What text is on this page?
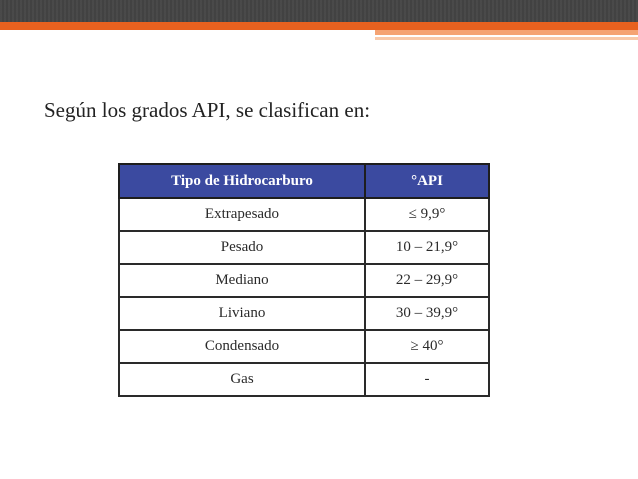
Según los grados API, se clasifican en:
Tipo de Hidrocarburo	°API
Extrapesado	≤ 9,9°
Pesado	10 – 21,9°
Mediano	22 – 29,9°
Liviano	30 – 39,9°
Condensado	≥ 40°
Gas	-
